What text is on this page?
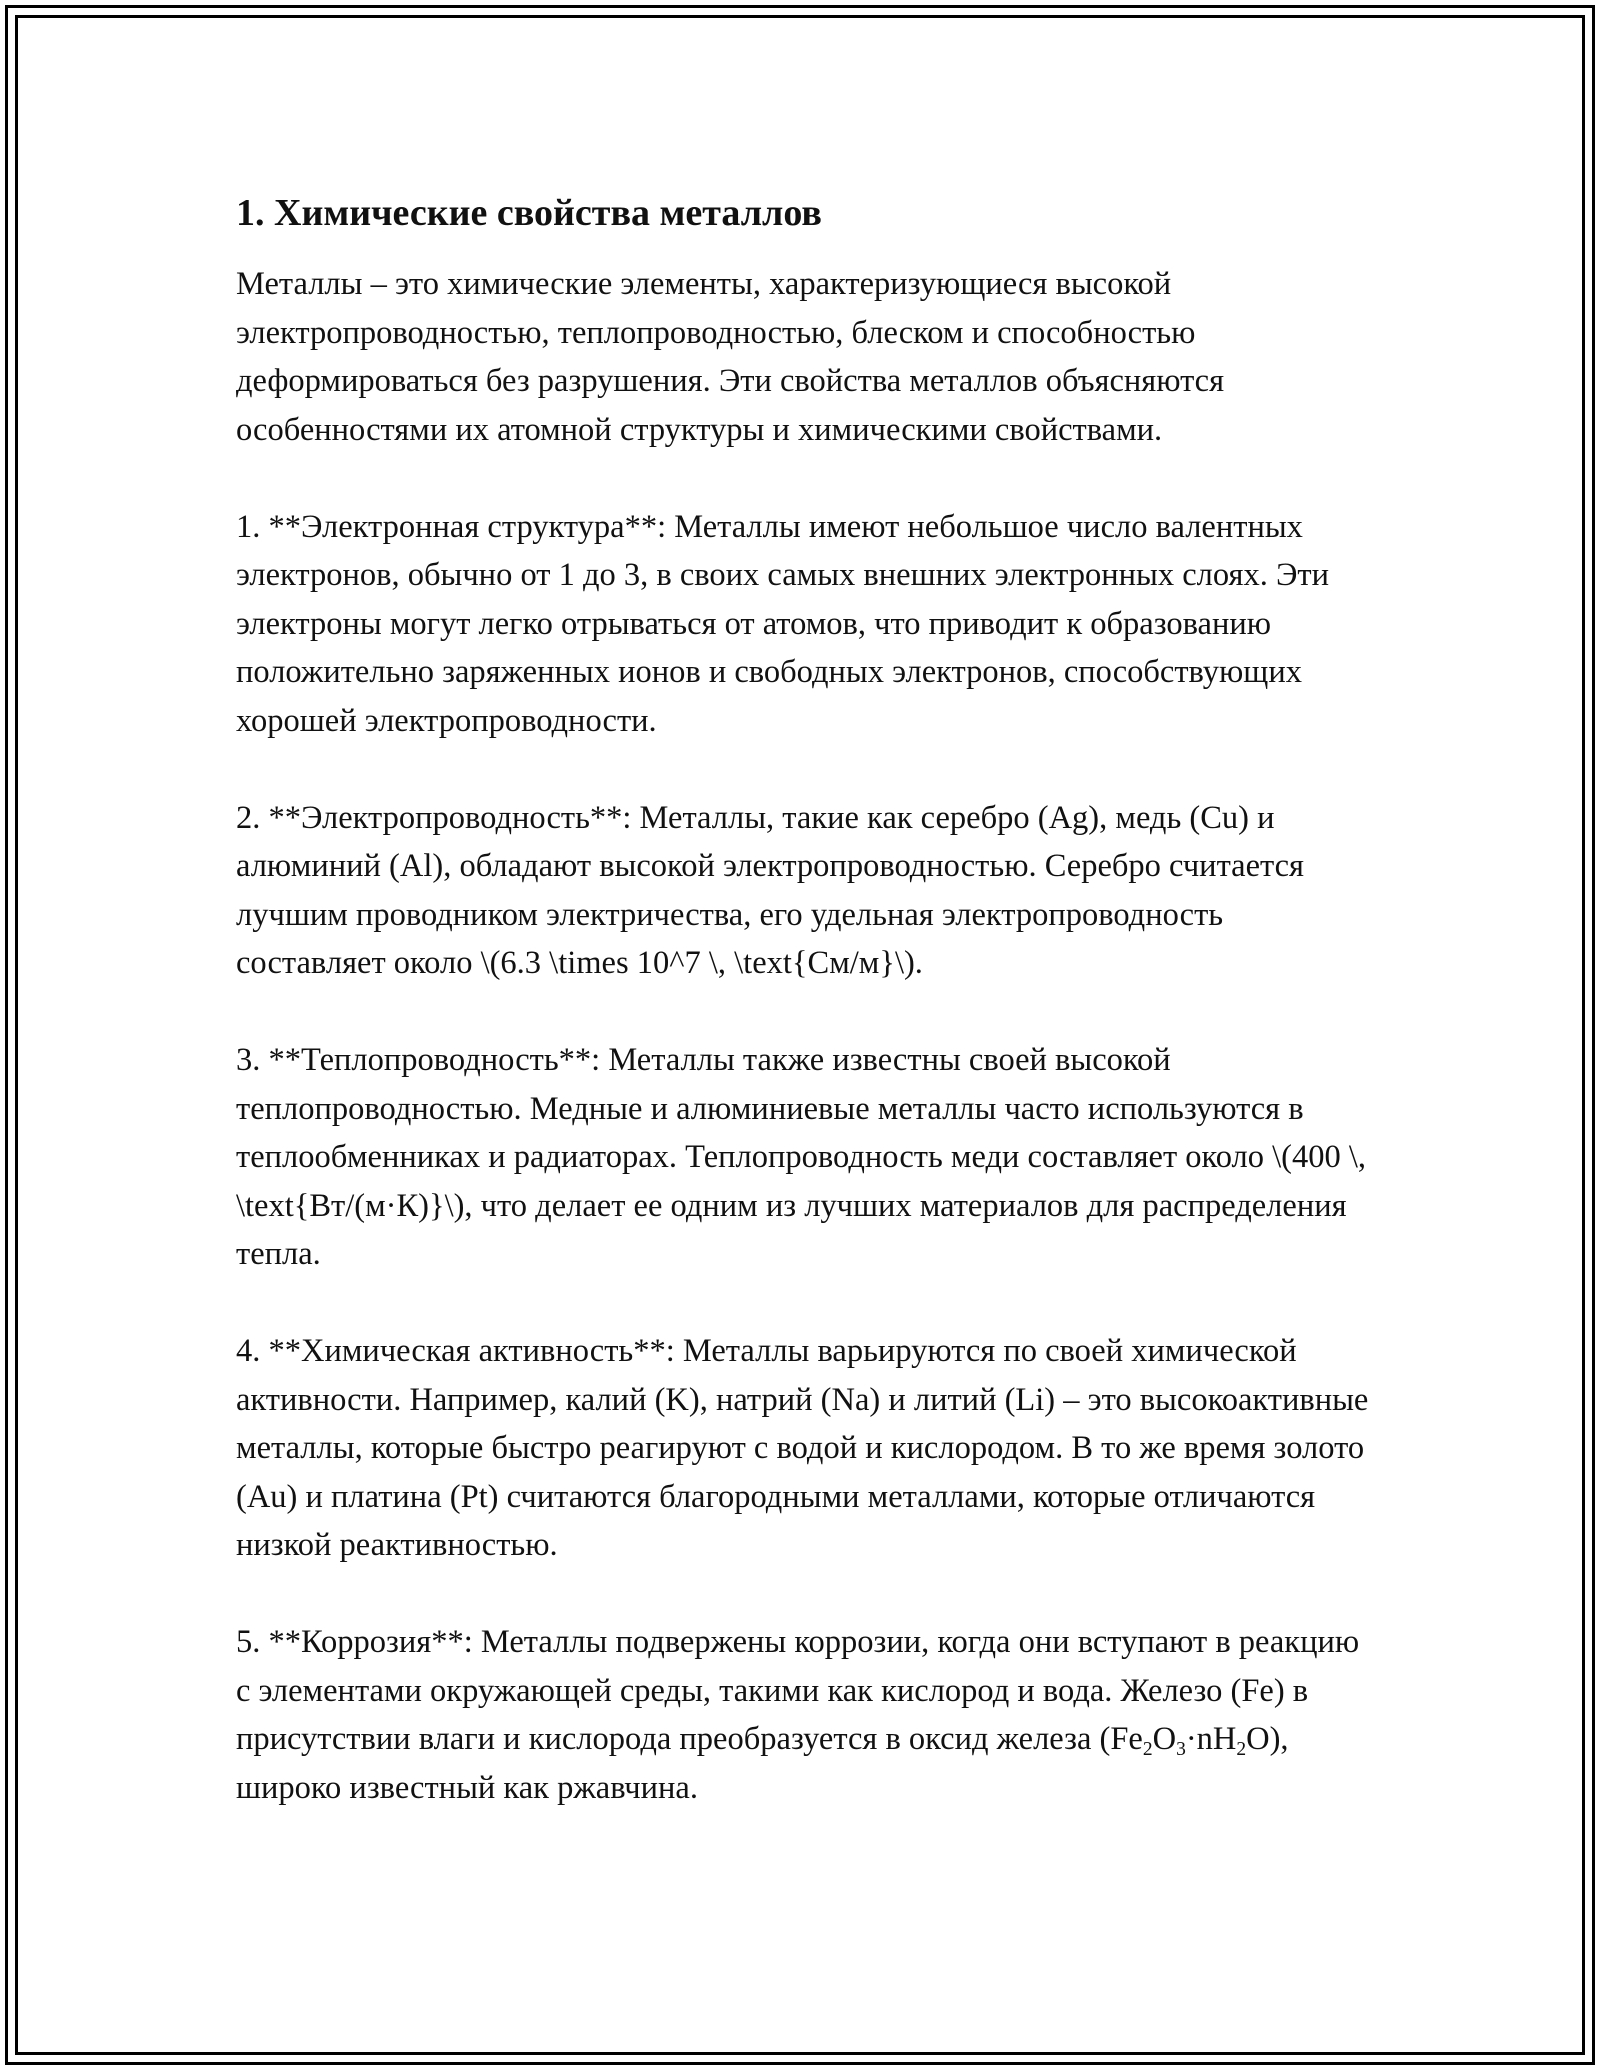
1. Химические свойства металлов

Металлы – это химические элементы, характеризующиеся высокой электропроводностью, теплопроводностью, блеском и способностью деформироваться без разрушения. Эти свойства металлов объясняются особенностями их атомной структуры и химическими свойствами.

1. **Электронная структура**: Металлы имеют небольшое число валентных электронов, обычно от 1 до 3, в своих самых внешних электронных слоях. Эти электроны могут легко отрываться от атомов, что приводит к образованию положительно заряженных ионов и свободных электронов, способствующих хорошей электропроводности.

2. **Электропроводность**: Металлы, такие как серебро (Ag), медь (Cu) и алюминий (Al), обладают высокой электропроводностью. Серебро считается лучшим проводником электричества, его удельная электропроводность составляет около \(6.3 \times 10^7 \, \text{См/м}\).

3. **Теплопроводность**: Металлы также известны своей высокой теплопроводностью. Медные и алюминиевые металлы часто используются в теплообменниках и радиаторах. Теплопроводность меди составляет около \(400 \, \text{Вт/(м·К)}\), что делает ее одним из лучших материалов для распределения тепла.

4. **Химическая активность**: Металлы варьируются по своей химической активности. Например, калий (K), натрий (Na) и литий (Li) – это высокоактивные металлы, которые быстро реагируют с водой и кислородом. В то же время золото (Au) и платина (Pt) считаются благородными металлами, которые отличаются низкой реактивностью.

5. **Коррозия**: Металлы подвержены коррозии, когда они вступают в реакцию с элементами окружающей среды, такими как кислород и вода. Железо (Fe) в присутствии влаги и кислорода преобразуется в оксид железа $(Fe_2O_3\cdot nH_2O)$, широко известный как ржавчина.
